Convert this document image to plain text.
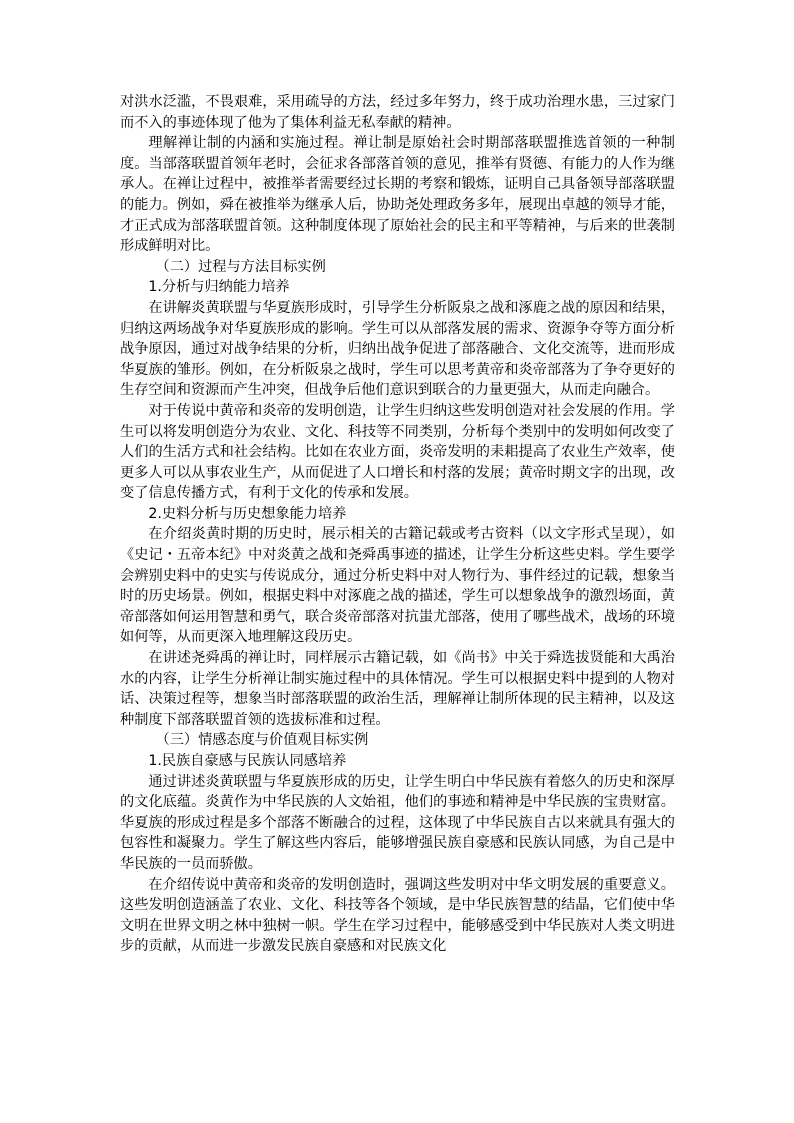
对洪水泛滥，不畏艰难，采用疏导的方法，经过多年努力，终于成功治理水患，三过家门而不入的事迹体现了他为了集体利益无私奉献的精神。

理解禅让制的内涵和实施过程。禅让制是原始社会时期部落联盟推选首领的一种制度。当部落联盟首领年老时，会征求各部落首领的意见，推举有贤德、有能力的人作为继承人。在禅让过程中，被推举者需要经过长期的考察和锻炼，证明自己具备领导部落联盟的能力。例如，舜在被推举为继承人后，协助尧处理政务多年，展现出卓越的领导才能，才正式成为部落联盟首领。这种制度体现了原始社会的民主和平等精神，与后来的世袭制形成鲜明对比。

（二）过程与方法目标实例

1.分析与归纳能力培养

在讲解炎黄联盟与华夏族形成时，引导学生分析阪泉之战和涿鹿之战的原因和结果，归纳这两场战争对华夏族形成的影响。学生可以从部落发展的需求、资源争夺等方面分析战争原因，通过对战争结果的分析，归纳出战争促进了部落融合、文化交流等，进而形成华夏族的雏形。例如，在分析阪泉之战时，学生可以思考黄帝和炎帝部落为了争夺更好的生存空间和资源而产生冲突，但战争后他们意识到联合的力量更强大，从而走向融合。

对于传说中黄帝和炎帝的发明创造，让学生归纳这些发明创造对社会发展的作用。学生可以将发明创造分为农业、文化、科技等不同类别，分析每个类别中的发明如何改变了人们的生活方式和社会结构。比如在农业方面，炎帝发明的耒耜提高了农业生产效率，使更多人可以从事农业生产，从而促进了人口增长和村落的发展；黄帝时期文字的出现，改变了信息传播方式，有利于文化的传承和发展。

2.史料分析与历史想象能力培养

在介绍炎黄时期的历史时，展示相关的古籍记载或考古资料（以文字形式呈现），如《史记・五帝本纪》中对炎黄之战和尧舜禹事迹的描述，让学生分析这些史料。学生要学会辨别史料中的史实与传说成分，通过分析史料中对人物行为、事件经过的记载，想象当时的历史场景。例如，根据史料中对涿鹿之战的描述，学生可以想象战争的激烈场面，黄帝部落如何运用智慧和勇气，联合炎帝部落对抗蚩尤部落，使用了哪些战术，战场的环境如何等，从而更深入地理解这段历史。

在讲述尧舜禹的禅让时，同样展示古籍记载，如《尚书》中关于舜选拔贤能和大禹治水的内容，让学生分析禅让制实施过程中的具体情况。学生可以根据史料中提到的人物对话、决策过程等，想象当时部落联盟的政治生活，理解禅让制所体现的民主精神，以及这种制度下部落联盟首领的选拔标准和过程。

（三）情感态度与价值观目标实例

1.民族自豪感与民族认同感培养

通过讲述炎黄联盟与华夏族形成的历史，让学生明白中华民族有着悠久的历史和深厚的文化底蕴。炎黄作为中华民族的人文始祖，他们的事迹和精神是中华民族的宝贵财富。华夏族的形成过程是多个部落不断融合的过程，这体现了中华民族自古以来就具有强大的包容性和凝聚力。学生了解这些内容后，能够增强民族自豪感和民族认同感，为自己是中华民族的一员而骄傲。

在介绍传说中黄帝和炎帝的发明创造时，强调这些发明对中华文明发展的重要意义。这些发明创造涵盖了农业、文化、科技等各个领域，是中华民族智慧的结晶，它们使中华文明在世界文明之林中独树一帜。学生在学习过程中，能够感受到中华民族对人类文明进步的贡献，从而进一步激发民族自豪感和对民族文化
